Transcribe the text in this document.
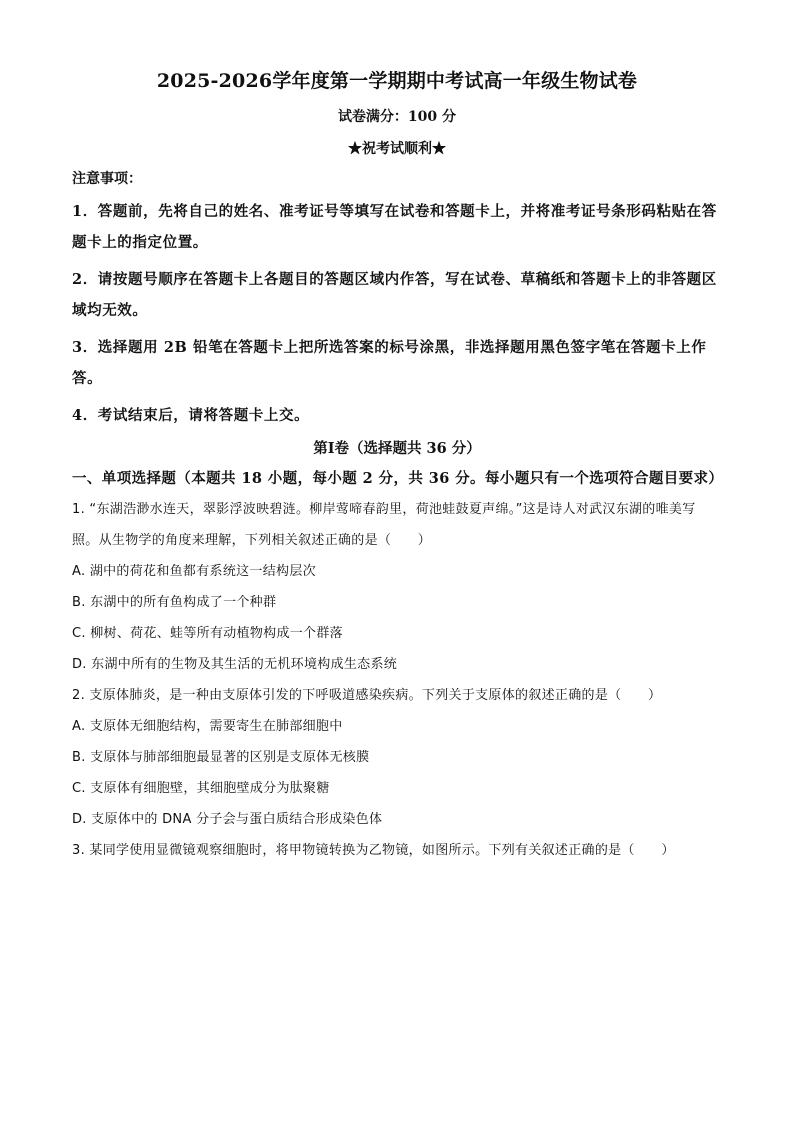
2025-2026学年度第一学期期中考试高一年级生物试卷
试卷满分：100 分
★祝考试顺利★
注意事项：
1．答题前，先将自己的姓名、准考证号等填写在试卷和答题卡上，并将准考证号条形码粘贴在答题卡上的指定位置。
2．请按题号顺序在答题卡上各题目的答题区域内作答，写在试卷、草稿纸和答题卡上的非答题区域均无效。
3．选择题用 2B 铅笔在答题卡上把所选答案的标号涂黑，非选择题用黑色签字笔在答题卡上作答。
4．考试结束后，请将答题卡上交。
第Ⅰ卷（选择题共 36 分）
一、单项选择题（本题共 18 小题，每小题 2 分，共 36 分。每小题只有一个选项符合题目要求）
1. “东湖浩渺水连天，翠影浮波映碧涟。柳岸莺啼春韵里，荷池蛙鼓夏声绵。”这是诗人对武汉东湖的唯美写照。从生物学的角度来理解，下列相关叙述正确的是（　　）
A. 湖中的荷花和鱼都有系统这一结构层次
B. 东湖中的所有鱼构成了一个种群
C. 柳树、荷花、蛙等所有动植物构成一个群落
D. 东湖中所有的生物及其生活的无机环境构成生态系统
2. 支原体肺炎，是一种由支原体引发的下呼吸道感染疾病。下列关于支原体的叙述正确的是（　　）
A. 支原体无细胞结构，需要寄生在肺部细胞中
B. 支原体与肺部细胞最显著的区别是支原体无核膜
C. 支原体有细胞壁，其细胞壁成分为肽聚糖
D. 支原体中的 DNA 分子会与蛋白质结合形成染色体
3. 某同学使用显微镜观察细胞时，将甲物镜转换为乙物镜，如图所示。下列有关叙述正确的是（　　）
